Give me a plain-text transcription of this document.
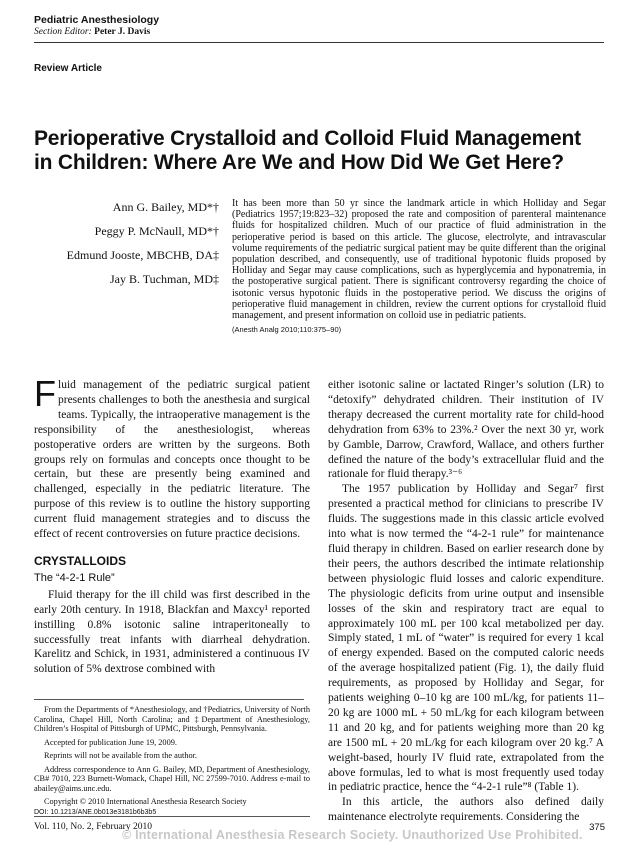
Pediatric Anesthesiology
Section Editor: Peter J. Davis
Review Article
Perioperative Crystalloid and Colloid Fluid Management
in Children: Where Are We and How Did We Get Here?
Ann G. Bailey, MD*†
Peggy P. McNaull, MD*†
Edmund Jooste, MBCHB, DA‡
Jay B. Tuchman, MD‡
It has been more than 50 yr since the landmark article in which Holliday and Segar (Pediatrics 1957;19:823–32) proposed the rate and composition of parenteral maintenance fluids for hospitalized children. Much of our practice of fluid administration in the perioperative period is based on this article. The glucose, electrolyte, and intravascular volume requirements of the pediatric surgical patient may be quite different than the original population described, and consequently, use of traditional hypotonic fluids proposed by Holliday and Segar may cause complications, such as hyperglycemia and hyponatremia, in the postoperative surgical patient. There is significant controversy regarding the choice of isotonic versus hypotonic fluids in the postoperative period. We discuss the origins of perioperative fluid management in children, review the current options for crystalloid fluid management, and present information on colloid use in pediatric patients.
(Anesth Analg 2010;110:375–90)

F luid management of the pediatric surgical patient presents challenges to both the anesthesia and surgical teams. Typically, the intraoperative management is the responsibility of the anesthesiologist, whereas postoperative orders are written by the surgeons. Both groups rely on formulas and concepts once thought to be certain, but these are presently being examined and challenged, especially in the pediatric literature. The purpose of this review is to outline the history supporting current fluid management strategies and to discuss the effect of recent controversies on future practice decisions.

CRYSTALLOIDS

The “4-2-1 Rule”

Fluid therapy for the ill child was first described in the early 20th century. In 1918, Blackfan and Maxcy¹ reported instilling 0.8% isotonic saline intraperitoneally to successfully treat infants with diarrheal dehydration. Karelitz and Schick, in 1931, administered a continuous IV solution of 5% dextrose combined with

From the Departments of *Anesthesiology, and †Pediatrics, University of North Carolina, Chapel Hill, North Carolina; and ‡Department of Anesthesiology, Children’s Hospital of Pittsburgh of UPMC, Pittsburgh, Pennsylvania.

Accepted for publication June 19, 2009.

Reprints will not be available from the author.

Address correspondence to Ann G. Bailey, MD, Department of Anesthesiology, CB# 7010, 223 Burnett-Womack, Chapel Hill, NC 27599-7010. Address e-mail to abailey@aims.unc.edu.

Copyright © 2010 International Anesthesia Research Society

DOI: 10.1213/ANE.0b013e3181b6b3b5

either isotonic saline or lactated Ringer’s solution (LR) to “detoxify” dehydrated children. Their institution of IV therapy decreased the current mortality rate for child-hood dehydration from 63% to 23%.² Over the next 30 yr, work by Gamble, Darrow, Crawford, Wallace, and others further defined the nature of the body’s extracellular fluid and the rationale for fluid therapy.³⁻⁶

The 1957 publication by Holliday and Segar⁷ first presented a practical method for clinicians to prescribe IV fluids. The suggestions made in this classic article evolved into what is now termed the “4-2-1 rule” for maintenance fluid therapy in children. Based on earlier research done by their peers, the authors described the intimate relationship between physiologic fluid losses and caloric expenditure. The physiologic deficits from urine output and insensible losses of the skin and respiratory tract are equal to approximately 100 mL per 100 kcal metabolized per day. Simply stated, 1 mL of “water” is required for every 1 kcal of energy expended. Based on the computed caloric needs of the average hospitalized patient (Fig. 1), the daily fluid requirements, as proposed by Holliday and Segar, for patients weighing 0–10 kg are 100 mL/kg, for patients 11–20 kg are 1000 mL + 50 mL/kg for each kilogram between 11 and 20 kg, and for patients weighing more than 20 kg are 1500 mL + 20 mL/kg for each kilogram over 20 kg.⁷ A weight-based, hourly IV fluid rate, extrapolated from the above formulas, led to what is most frequently used today in pediatric practice, hence the “4-2-1 rule”⁸ (Table 1).

In this article, the authors also defined daily maintenance electrolyte requirements. Considering the

Vol. 110, No. 2, February 2010	375
© International Anesthesia Research Society. Unauthorized Use Prohibited.
